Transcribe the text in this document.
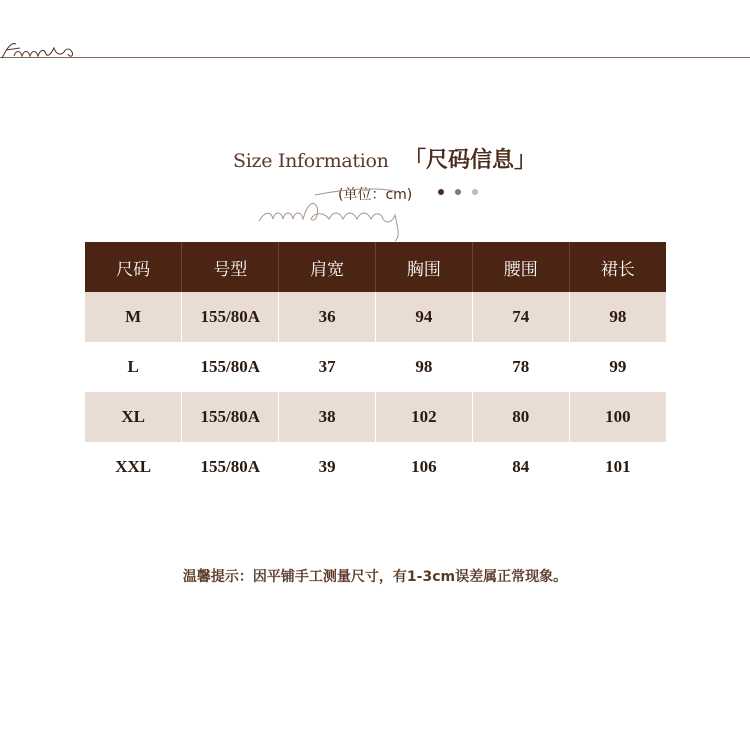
Size Information 「尺码信息」
(单位：cm)
尺码	号型	肩宽	胸围	腰围	裙长
M	155/80A	36	94	74	98
L	155/80A	37	98	78	99
XL	155/80A	38	102	80	100
XXL	155/80A	39	106	84	101
温馨提示：因平铺手工测量尺寸，有1-3cm误差属正常现象。
